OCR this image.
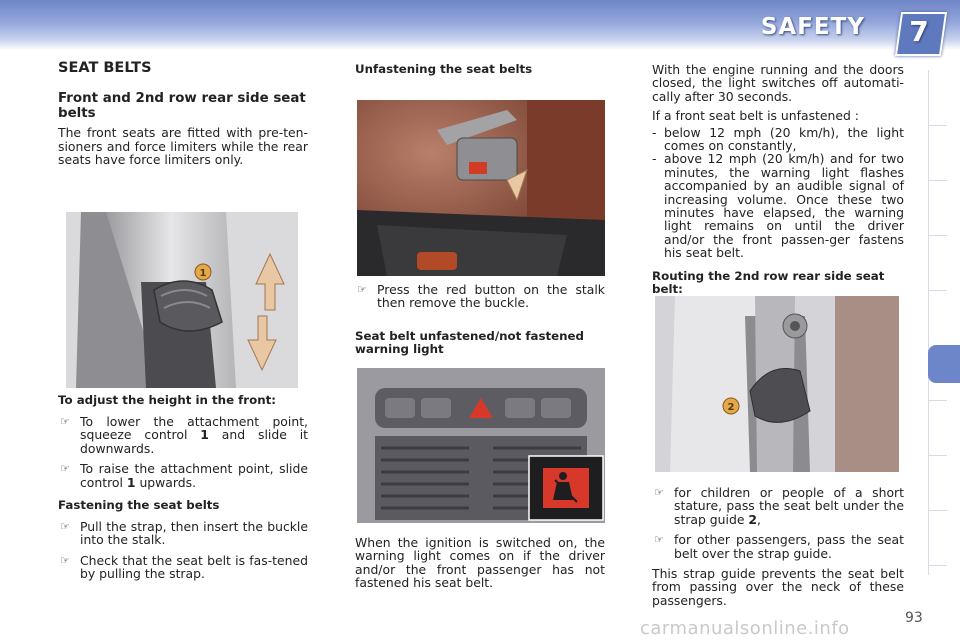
SAFETY	7
SEAT BELTS
Front and 2nd row rear side seat belts

The front seats are fitted with pre-ten-sioners and force limiters while the rear seats have force limiters only.

1
To adjust the height in the front:
☞ To lower the attachment point, squeeze control 1 and slide it downwards.
☞ To raise the attachment point, slide control 1 upwards.
Fastening the seat belts
☞ Pull the strap, then insert the buckle into the stalk.
☞ Check that the seat belt is fas-tened by pulling the strap.
Unfastening the seat belts
☞ Press the red button on the stalk then remove the buckle.
Seat belt unfastened/not fastened warning light

When the ignition is switched on, the warning light comes on if the driver and/or the front passenger has not fastened his seat belt.

With the engine running and the doors closed, the light switches off automati-cally after 30 seconds.

If a front seat belt is unfastened :

- below 12 mph (20 km/h), the light comes on constantly,
- above 12 mph (20 km/h) and for two minutes, the warning light flashes accompanied by an audible signal of increasing volume. Once these two minutes have elapsed, the warning light remains on until the driver and/or the front passen-ger fastens his seat belt.
Routing the 2nd row rear side seat belt:
2
☞ for children or people of a short stature, pass the seat belt under the strap guide 2,
☞ for other passengers, pass the seat belt over the strap guide.

This strap guide prevents the seat belt from passing over the neck of these passengers.

93
carmanualsonline.info
